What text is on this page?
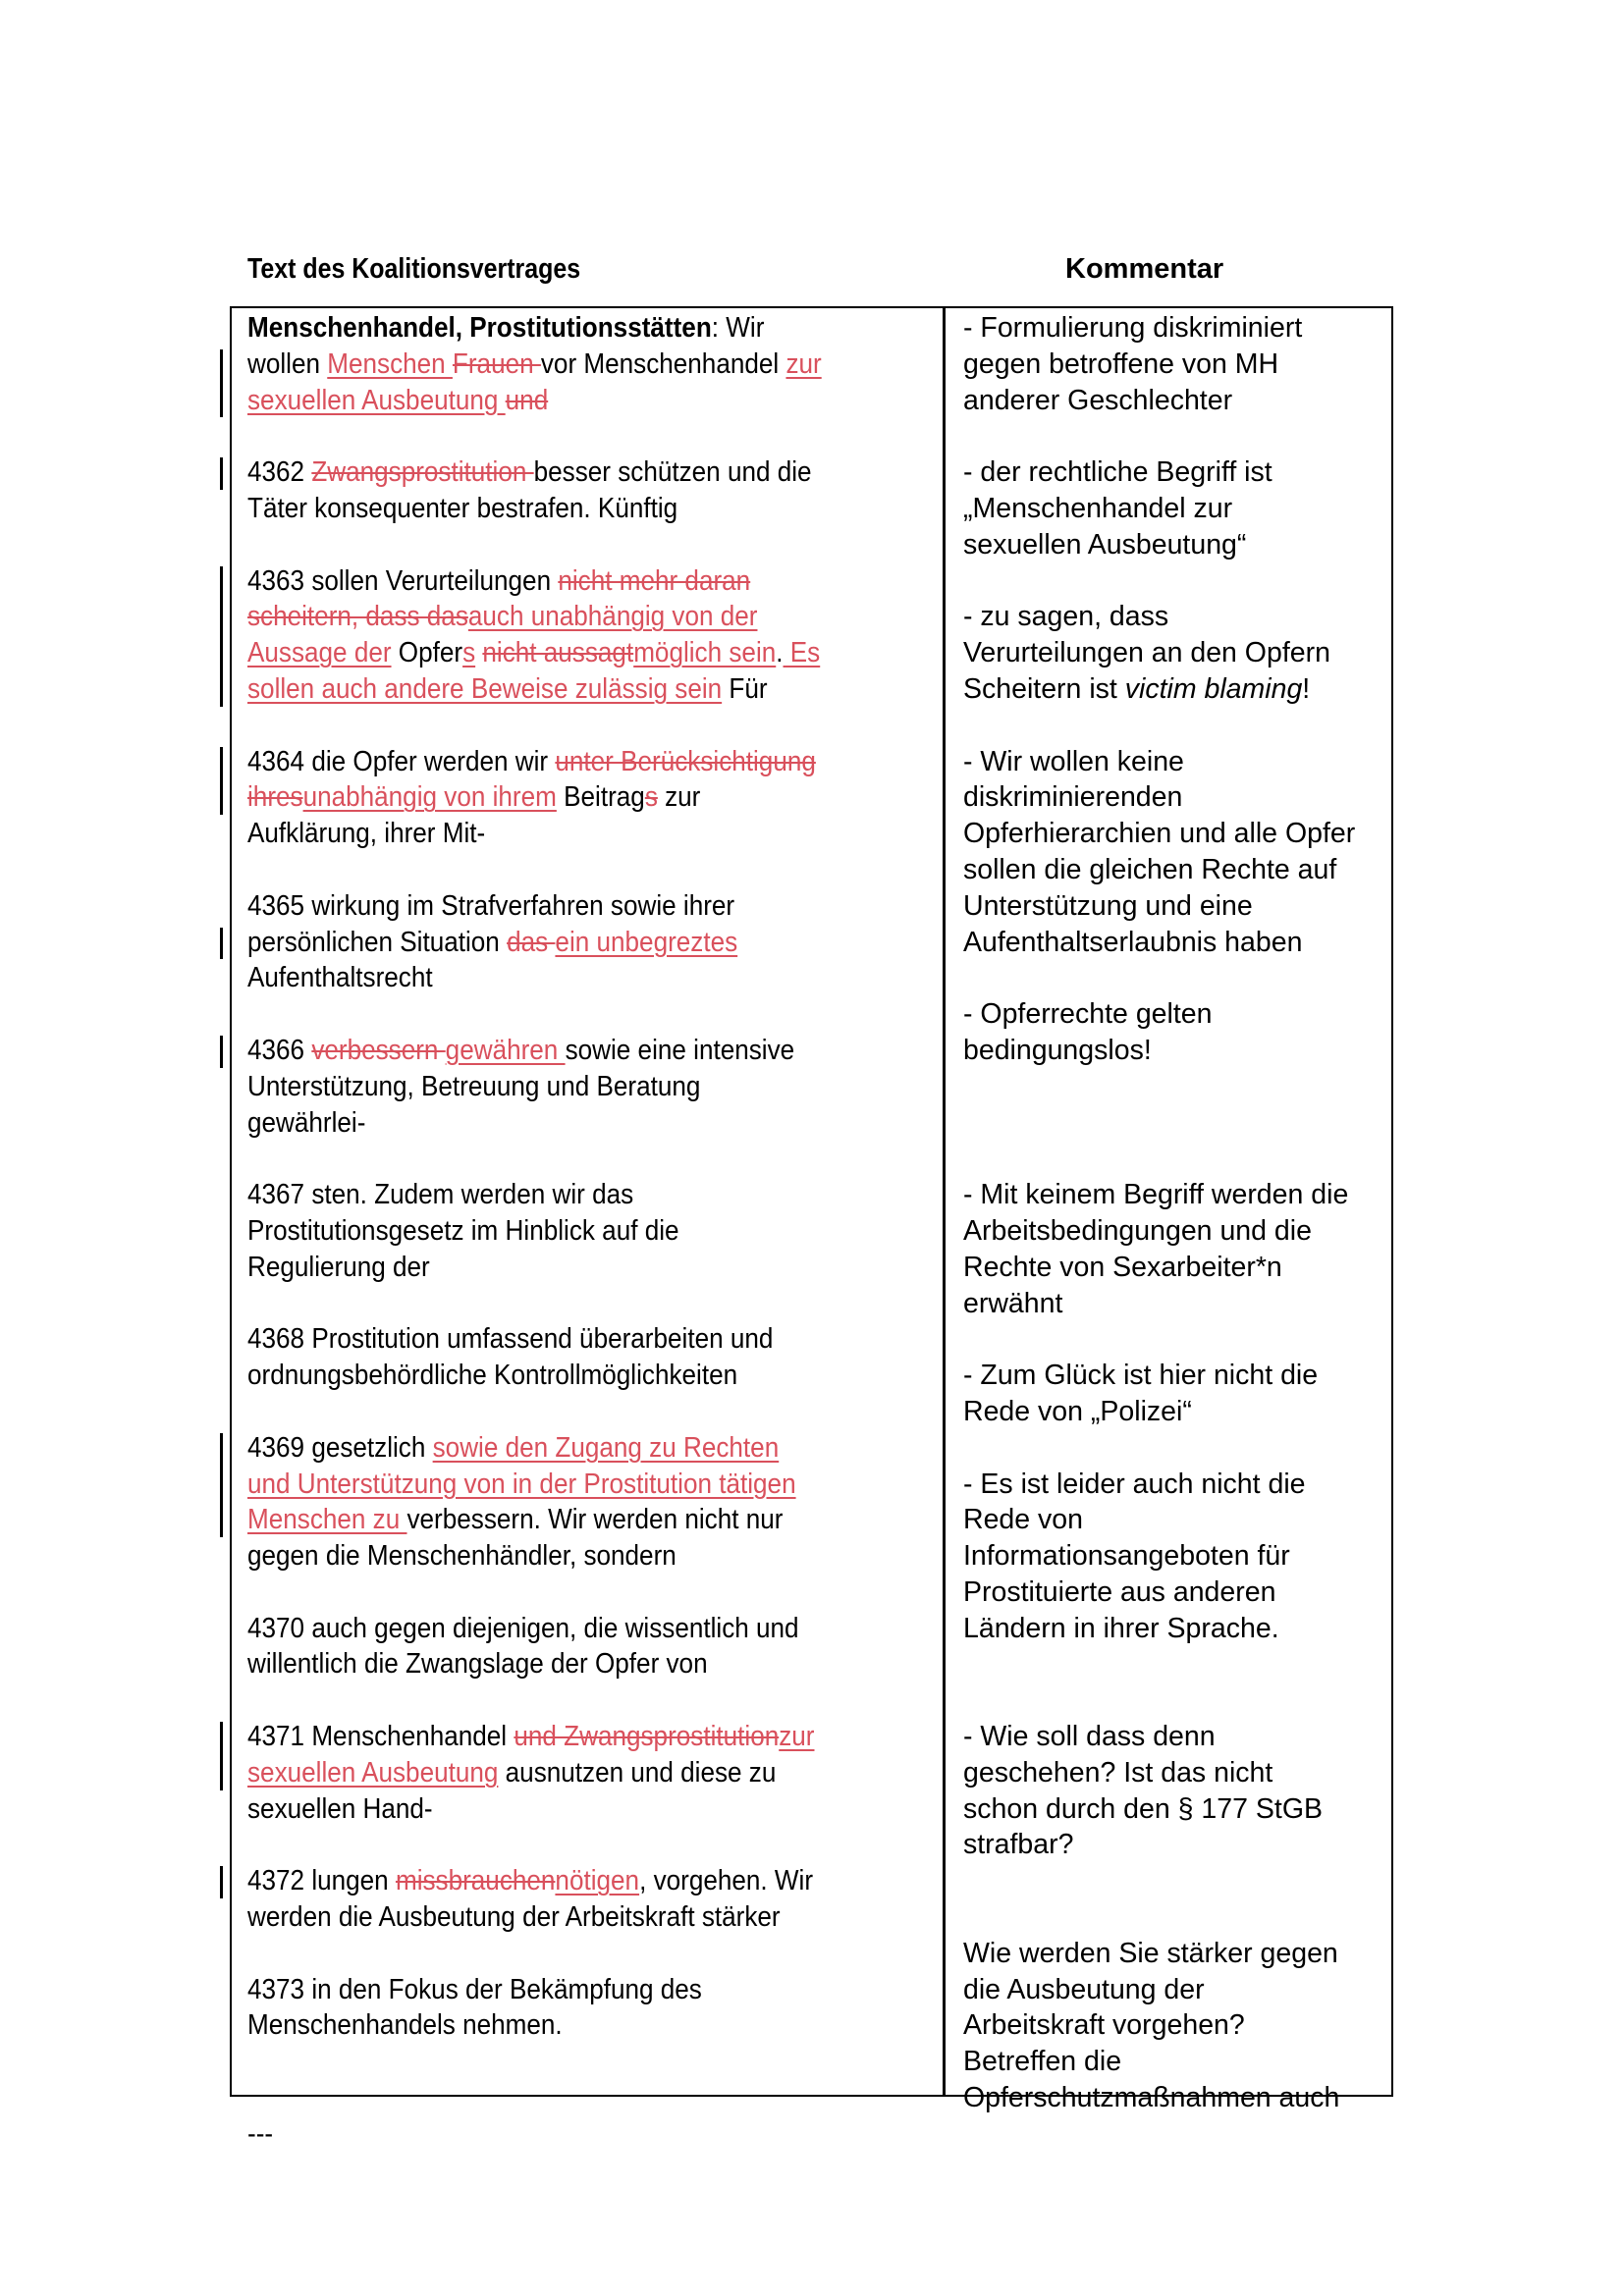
Text des Koalitionsvertrages	Kommentar
Menschenhandel, Prostitutionsstätten: Wir
wollen Menschen Frauen vor Menschenhandel zur
sexuellen Ausbeutung und
4362 Zwangsprostitution besser schützen und die
Täter konsequenter bestrafen. Künftig
4363 sollen Verurteilungen nicht mehr daran
scheitern, dass dasauch unabhängig von der
Aussage der Opfers nicht aussagtmöglich sein. Es
sollen auch andere Beweise zulässig sein Für
4364 die Opfer werden wir unter Berücksichtigung
ihresunabhängig von ihrem Beitrags zur
Aufklärung, ihrer Mit-
4365 wirkung im Strafverfahren sowie ihrer
persönlichen Situation das ein unbegreztes
Aufenthaltsrecht
4366 verbessern gewähren sowie eine intensive
Unterstützung, Betreuung und Beratung
gewährlei-
4367 sten. Zudem werden wir das
Prostitutionsgesetz im Hinblick auf die
Regulierung der
4368 Prostitution umfassend überarbeiten und
ordnungsbehördliche Kontrollmöglichkeiten
4369 gesetzlich sowie den Zugang zu Rechten
und Unterstützung von in der Prostitution tätigen
Menschen zu verbessern. Wir werden nicht nur
gegen die Menschenhändler, sondern
4370 auch gegen diejenigen, die wissentlich und
willentlich die Zwangslage der Opfer von
4371 Menschenhandel und Zwangsprostitutionzur
sexuellen Ausbeutung ausnutzen und diese zu
sexuellen Hand-
4372 lungen missbrauchennötigen, vorgehen. Wir
werden die Ausbeutung der Arbeitskraft stärker
4373 in den Fokus der Bekämpfung des
Menschenhandels nehmen.
---
- Formulierung diskriminiert
gegen betroffene von MH
anderer Geschlechter
- der rechtliche Begriff ist
„Menschenhandel zur
sexuellen Ausbeutung“
- zu sagen, dass
Verurteilungen an den Opfern
Scheitern ist victim blaming!
- Wir wollen keine
diskriminierenden
Opferhierarchien und alle Opfer
sollen die gleichen Rechte auf
Unterstützung und eine
Aufenthaltserlaubnis haben
- Opferrechte gelten
bedingungslos!
- Mit keinem Begriff werden die
Arbeitsbedingungen und die
Rechte von Sexarbeiter*n
erwähnt
- Zum Glück ist hier nicht die
Rede von „Polizei“
- Es ist leider auch nicht die
Rede von
Informationsangeboten für
Prostituierte aus anderen
Ländern in ihrer Sprache.
- Wie soll dass denn
geschehen? Ist das nicht
schon durch den § 177 StGB
strafbar?
Wie werden Sie stärker gegen
die Ausbeutung der
Arbeitskraft vorgehen?
Betreffen die
Opferschutzmaßnahmen auch
